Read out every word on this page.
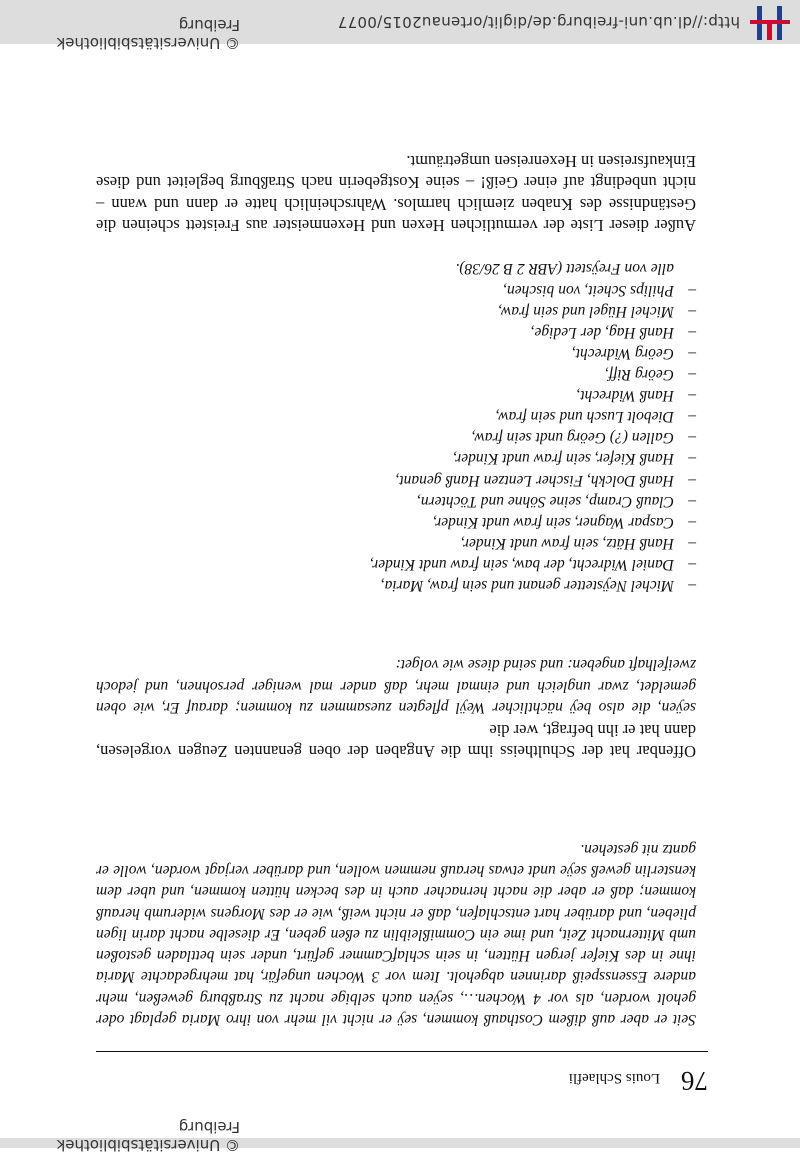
http://dl.ub.uni-freiburg.de/diglit/ortenau2015/0077
© Universitätsbibliothek Freiburg
© Universitätsbibliothek Freiburg
76
Louis Schlaefli
Seit er aber auß dißem Costhauß kommen, seÿ er nicht vil mehr von ihro Maria geplagt oder geholt worden, als vor 4 Wochen…, seÿen auch selbige nacht zu Straßburg geweßen, mehr andere Essensspeiß darinnen abgeholt. Item vor 3 Wochen ungefär, hat mehrgedachte Maria ihne in des Kiefer jergen Hütten, in sein schlafCammer gefürt, under sein bettladen gestoßen umb Mitternacht Zeit, und ime ein Commißleiblin zu eßen geben, Er dieselbe nacht darin ligen plieben, und darüber hart entschlafen, daß er nicht weiß, wie er des Morgens widerumb herauß kommen; daß er aber die nacht hernacher auch in des becken hütten kommen, und uber dem kensterlin geweß seÿe undt etwas herauß nemmen wollen, und darüber verjagt worden, wolle er gantz nit gestehen.
Offenbar hat der Schultheiss ihm die Angaben der oben genannten Zeugen vorgelesen, dann hat er ihn befragt, wer die
seÿen, die also beÿ nächtlicher Weÿl pflegten zuesammen zu kommen; darauf Er, wie oben gemeldet, zwar ungleich und einmal mehr, daß ander mal weniger persohnen, und jedoch zweifelhaft angeben: und seind diese wie volget:
–
Michel Neÿstetter genant und sein fraw, Maria,
–
Daniel Widrecht, der baw, sein fraw undt Kinder,
–
Hanß Hätz, sein fraw undt Kinder,
–
Caspar Wagner, sein fraw undt Kinder,
–
Clauß Cramp, seine Söhne und Töchtern,
–
Hanß Dolckh, Fischer Lentzen Hanß genant,
–
Hanß Kiefer, sein fraw undt Kinder,
–
Gallen (?) Geörg undt sein fraw,
–
Diebolt Lusch und sein fraw,
–
Hanß Widrecht,
–
Geörg Riff,
–
Geörg Widrecht,
–
Hanß Hag, der Ledige,
–
Michel Hügel und sein fraw,
–
Philips Scheit, von bischen,
alle von Freÿstett (ABR 2 B 26/38).
Außer dieser Liste der vermutlichen Hexen und Hexenmeister aus Freistett scheinen die Geständnisse des Knaben ziemlich harmlos. Wahrscheinlich hatte er dann und wann – nicht unbedingt auf einer Geiß! – seine Kostgeberin nach Straßburg begleitet und diese Einkaufsreisen in Hexenreisen umgeträumt.
